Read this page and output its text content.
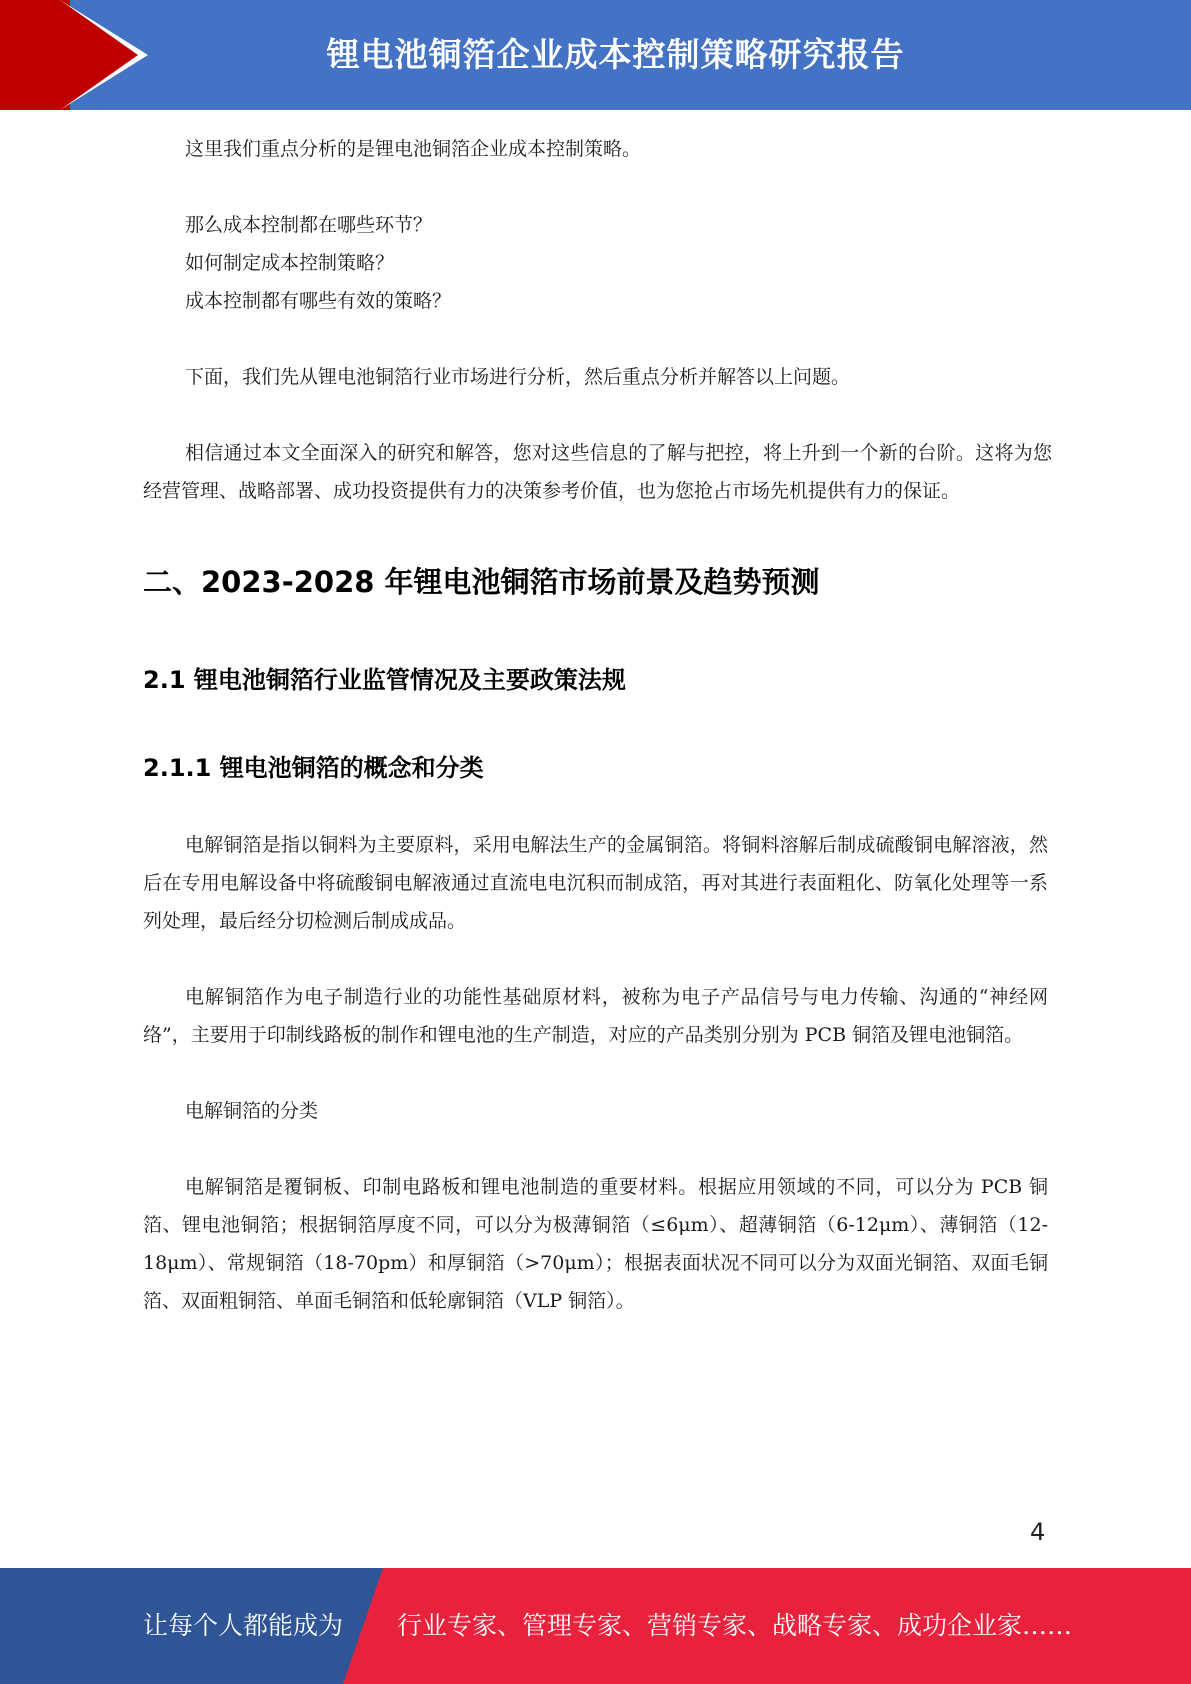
锂电池铜箔企业成本控制策略研究报告

这里我们重点分析的是锂电池铜箔企业成本控制策略。

那么成本控制都在哪些环节？

如何制定成本控制策略？

成本控制都有哪些有效的策略？

下面，我们先从锂电池铜箔行业市场进行分析，然后重点分析并解答以上问题。

相信通过本文全面深入的研究和解答，您对这些信息的了解与把控，将上升到一个新的台阶。这将为您经营管理、战略部署、成功投资提供有力的决策参考价值，也为您抢占市场先机提供有力的保证。

二、2023-2028 年锂电池铜箔市场前景及趋势预测
2.1 锂电池铜箔行业监管情况及主要政策法规
2.1.1 锂电池铜箔的概念和分类

电解铜箔是指以铜料为主要原料，采用电解法生产的金属铜箔。将铜料溶解后制成硫酸铜电解溶液，然后在专用电解设备中将硫酸铜电解液通过直流电电沉积而制成箔，再对其进行表面粗化、防氧化处理等一系列处理，最后经分切检测后制成成品。

电解铜箔作为电子制造行业的功能性基础原材料，被称为电子产品信号与电力传输、沟通的“神经网络”，主要用于印制线路板的制作和锂电池的生产制造，对应的产品类别分别为 PCB 铜箔及锂电池铜箔。

电解铜箔的分类

电解铜箔是覆铜板、印制电路板和锂电池制造的重要材料。根据应用领域的不同，可以分为 PCB 铜箔、锂电池铜箔；根据铜箔厚度不同，可以分为极薄铜箔（≤6μm）、超薄铜箔（6-12μm）、薄铜箔（12-18μm）、常规铜箔（18-70pm）和厚铜箔（>70μm）；根据表面状况不同可以分为双面光铜箔、双面毛铜箔、双面粗铜箔、单面毛铜箔和低轮廓铜箔（VLP 铜箔）。

4
让每个人都能成为 行业专家、管理专家、营销专家、战略专家、成功企业家……
